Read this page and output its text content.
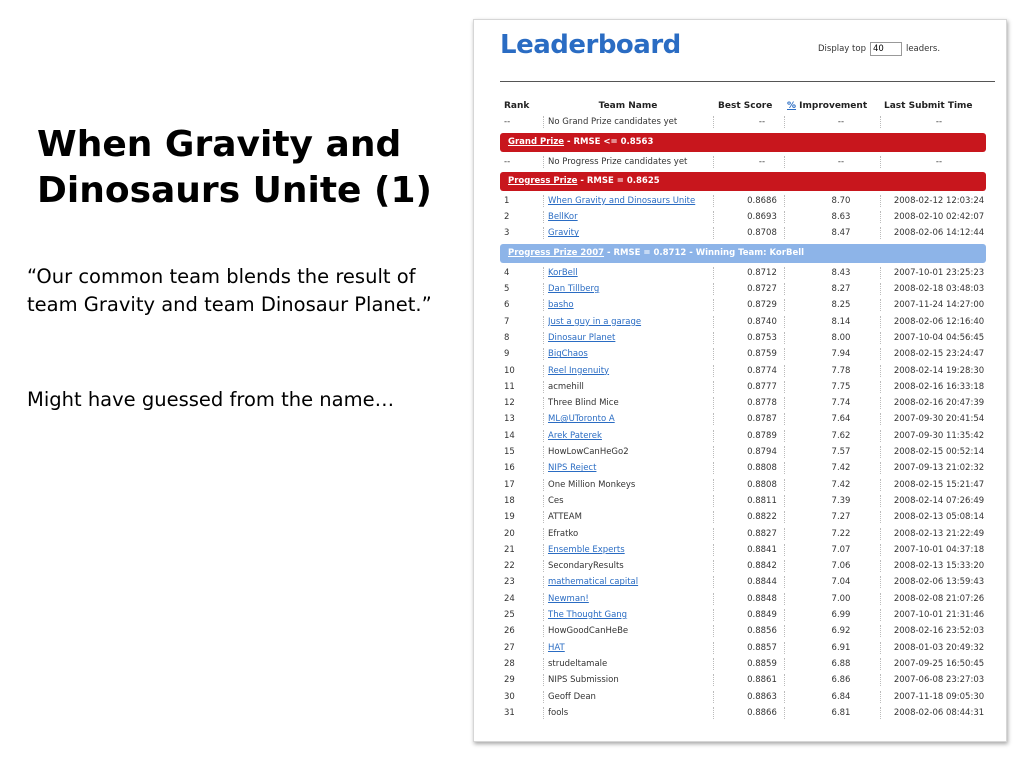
When Gravity and Dinosaurs Unite (1)

“Our common team blends the result of team Gravity and team Dinosaur Planet.”

Might have guessed from the name…

Leaderboard	Display top
40	leaders.
Rank	Team Name	Best Score	% Improvement	Last Submit Time
--	No Grand Prize candidates yet	--	--	--
Grand Prize - RMSE <= 0.8563
--	No Progress Prize candidates yet	--	--	--
Progress Prize - RMSE = 0.8625
1	When Gravity and Dinosaurs Unite	0.8686	8.70	2008-02-12 12:03:24
2	BellKor	0.8693	8.63	2008-02-10 02:42:07
3	Gravity	0.8708	8.47	2008-02-06 14:12:44
Progress Prize 2007 - RMSE = 0.8712 - Winning Team: KorBell
4	KorBell	0.8712	8.43	2007-10-01 23:25:23
5	Dan Tillberg	0.8727	8.27	2008-02-18 03:48:03
6	basho	0.8729	8.25	2007-11-24 14:27:00
7	Just a guy in a garage	0.8740	8.14	2008-02-06 12:16:40
8	Dinosaur Planet	0.8753	8.00	2007-10-04 04:56:45
9	BigChaos	0.8759	7.94	2008-02-15 23:24:47
10	Reel Ingenuity	0.8774	7.78	2008-02-14 19:28:30
11	acmehill	0.8777	7.75	2008-02-16 16:33:18
12	Three Blind Mice	0.8778	7.74	2008-02-16 20:47:39
13	ML@UToronto A	0.8787	7.64	2007-09-30 20:41:54
14	Arek Paterek	0.8789	7.62	2007-09-30 11:35:42
15	HowLowCanHeGo2	0.8794	7.57	2008-02-15 00:52:14
16	NIPS Reject	0.8808	7.42	2007-09-13 21:02:32
17	One Million Monkeys	0.8808	7.42	2008-02-15 15:21:47
18	Ces	0.8811	7.39	2008-02-14 07:26:49
19	ATTEAM	0.8822	7.27	2008-02-13 05:08:14
20	Efratko	0.8827	7.22	2008-02-13 21:22:49
21	Ensemble Experts	0.8841	7.07	2007-10-01 04:37:18
22	SecondaryResults	0.8842	7.06	2008-02-13 15:33:20
23	mathematical capital	0.8844	7.04	2008-02-06 13:59:43
24	Newman!	0.8848	7.00	2008-02-08 21:07:26
25	The Thought Gang	0.8849	6.99	2007-10-01 21:31:46
26	HowGoodCanHeBe	0.8856	6.92	2008-02-16 23:52:03
27	HAT	0.8857	6.91	2008-01-03 20:49:32
28	strudeltamale	0.8859	6.88	2007-09-25 16:50:45
29	NIPS Submission	0.8861	6.86	2007-06-08 23:27:03
30	Geoff Dean	0.8863	6.84	2007-11-18 09:05:30
31	fools	0.8866	6.81	2008-02-06 08:44:31
